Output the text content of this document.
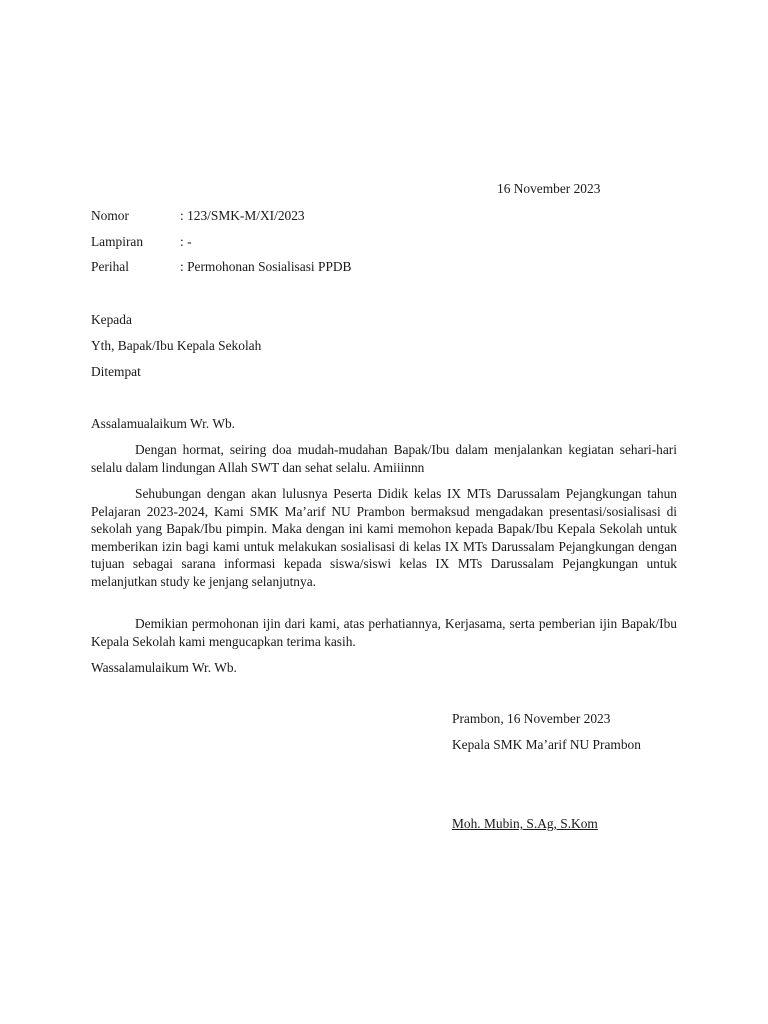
16 November 2023
Nomor	: 123/SMK-M/XI/2023
Lampiran	: -
Perihal	: Permohonan Sosialisasi PPDB
Kepada
Yth, Bapak/Ibu Kepala Sekolah
Ditempat
Assalamualaikum Wr. Wb.
Dengan hormat, seiring doa mudah-mudahan Bapak/Ibu dalam menjalankan kegiatan sehari-hari selalu dalam lindungan Allah SWT dan sehat selalu. Amiiinnn
Sehubungan dengan akan lulusnya Peserta Didik kelas IX MTs Darussalam Pejangkungan tahun Pelajaran 2023-2024, Kami SMK Ma’arif NU Prambon bermaksud mengadakan presentasi/sosialisasi di sekolah yang Bapak/Ibu pimpin. Maka dengan ini kami memohon kepada Bapak/Ibu Kepala Sekolah untuk memberikan izin bagi kami untuk melakukan sosialisasi di kelas IX MTs Darussalam Pejangkungan dengan tujuan sebagai sarana informasi kepada siswa/siswi kelas IX MTs Darussalam Pejangkungan untuk melanjutkan study ke jenjang selanjutnya.
Demikian permohonan ijin dari kami, atas perhatiannya, Kerjasama, serta pemberian ijin Bapak/Ibu Kepala Sekolah kami mengucapkan terima kasih.
Wassalamulaikum Wr. Wb.
Prambon, 16 November 2023
Kepala SMK Ma’arif NU Prambon
Moh. Mubin, S.Ag, S.Kom
